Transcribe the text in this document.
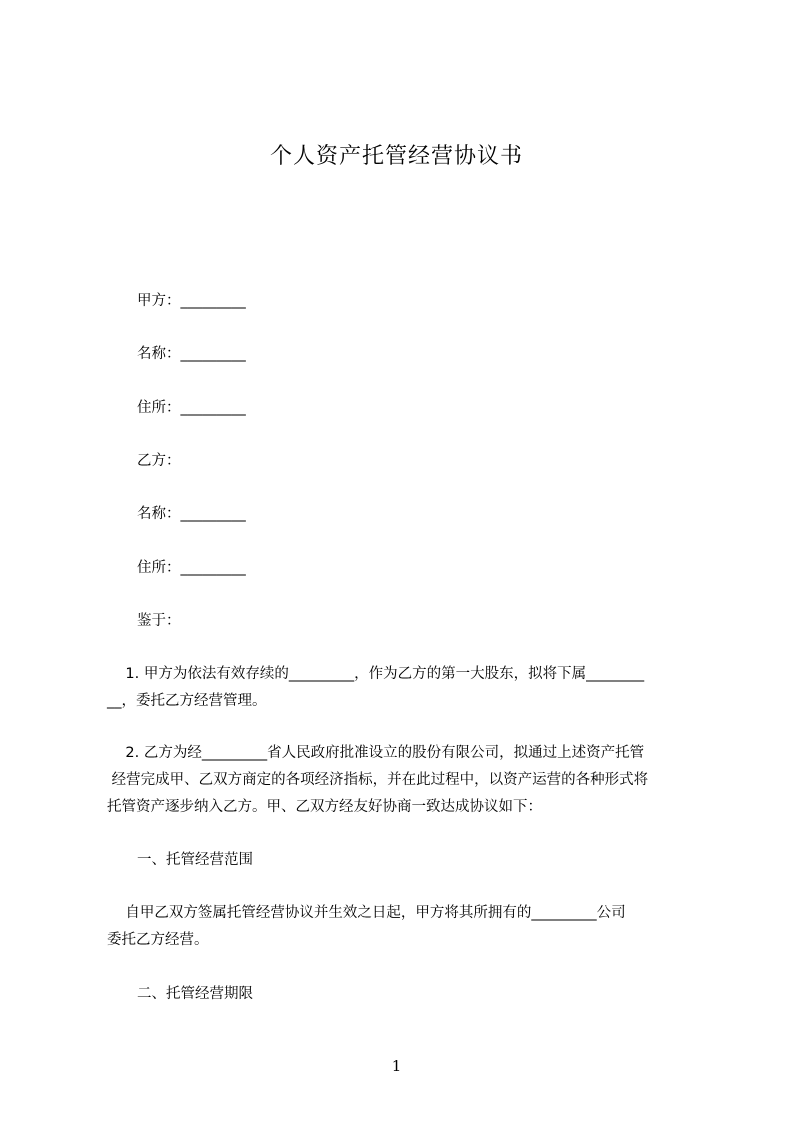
个人资产托管经营协议书
甲方：_________
名称：_________
住所：_________
乙方：
名称：_________
住所：_________
鉴于：
1. 甲方为依法有效存续的_________，作为乙方的第一大股东，拟将下属________
__，委托乙方经营管理。
2. 乙方为经_________省人民政府批准设立的股份有限公司，拟通过上述资产托管
经营完成甲、乙双方商定的各项经济指标，并在此过程中，以资产运营的各种形式将
托管资产逐步纳入乙方。甲、乙双方经友好协商一致达成协议如下：
一、托管经营范围
自甲乙双方签属托管经营协议并生效之日起，甲方将其所拥有的_________公司
委托乙方经营。
二、托管经营期限
1
